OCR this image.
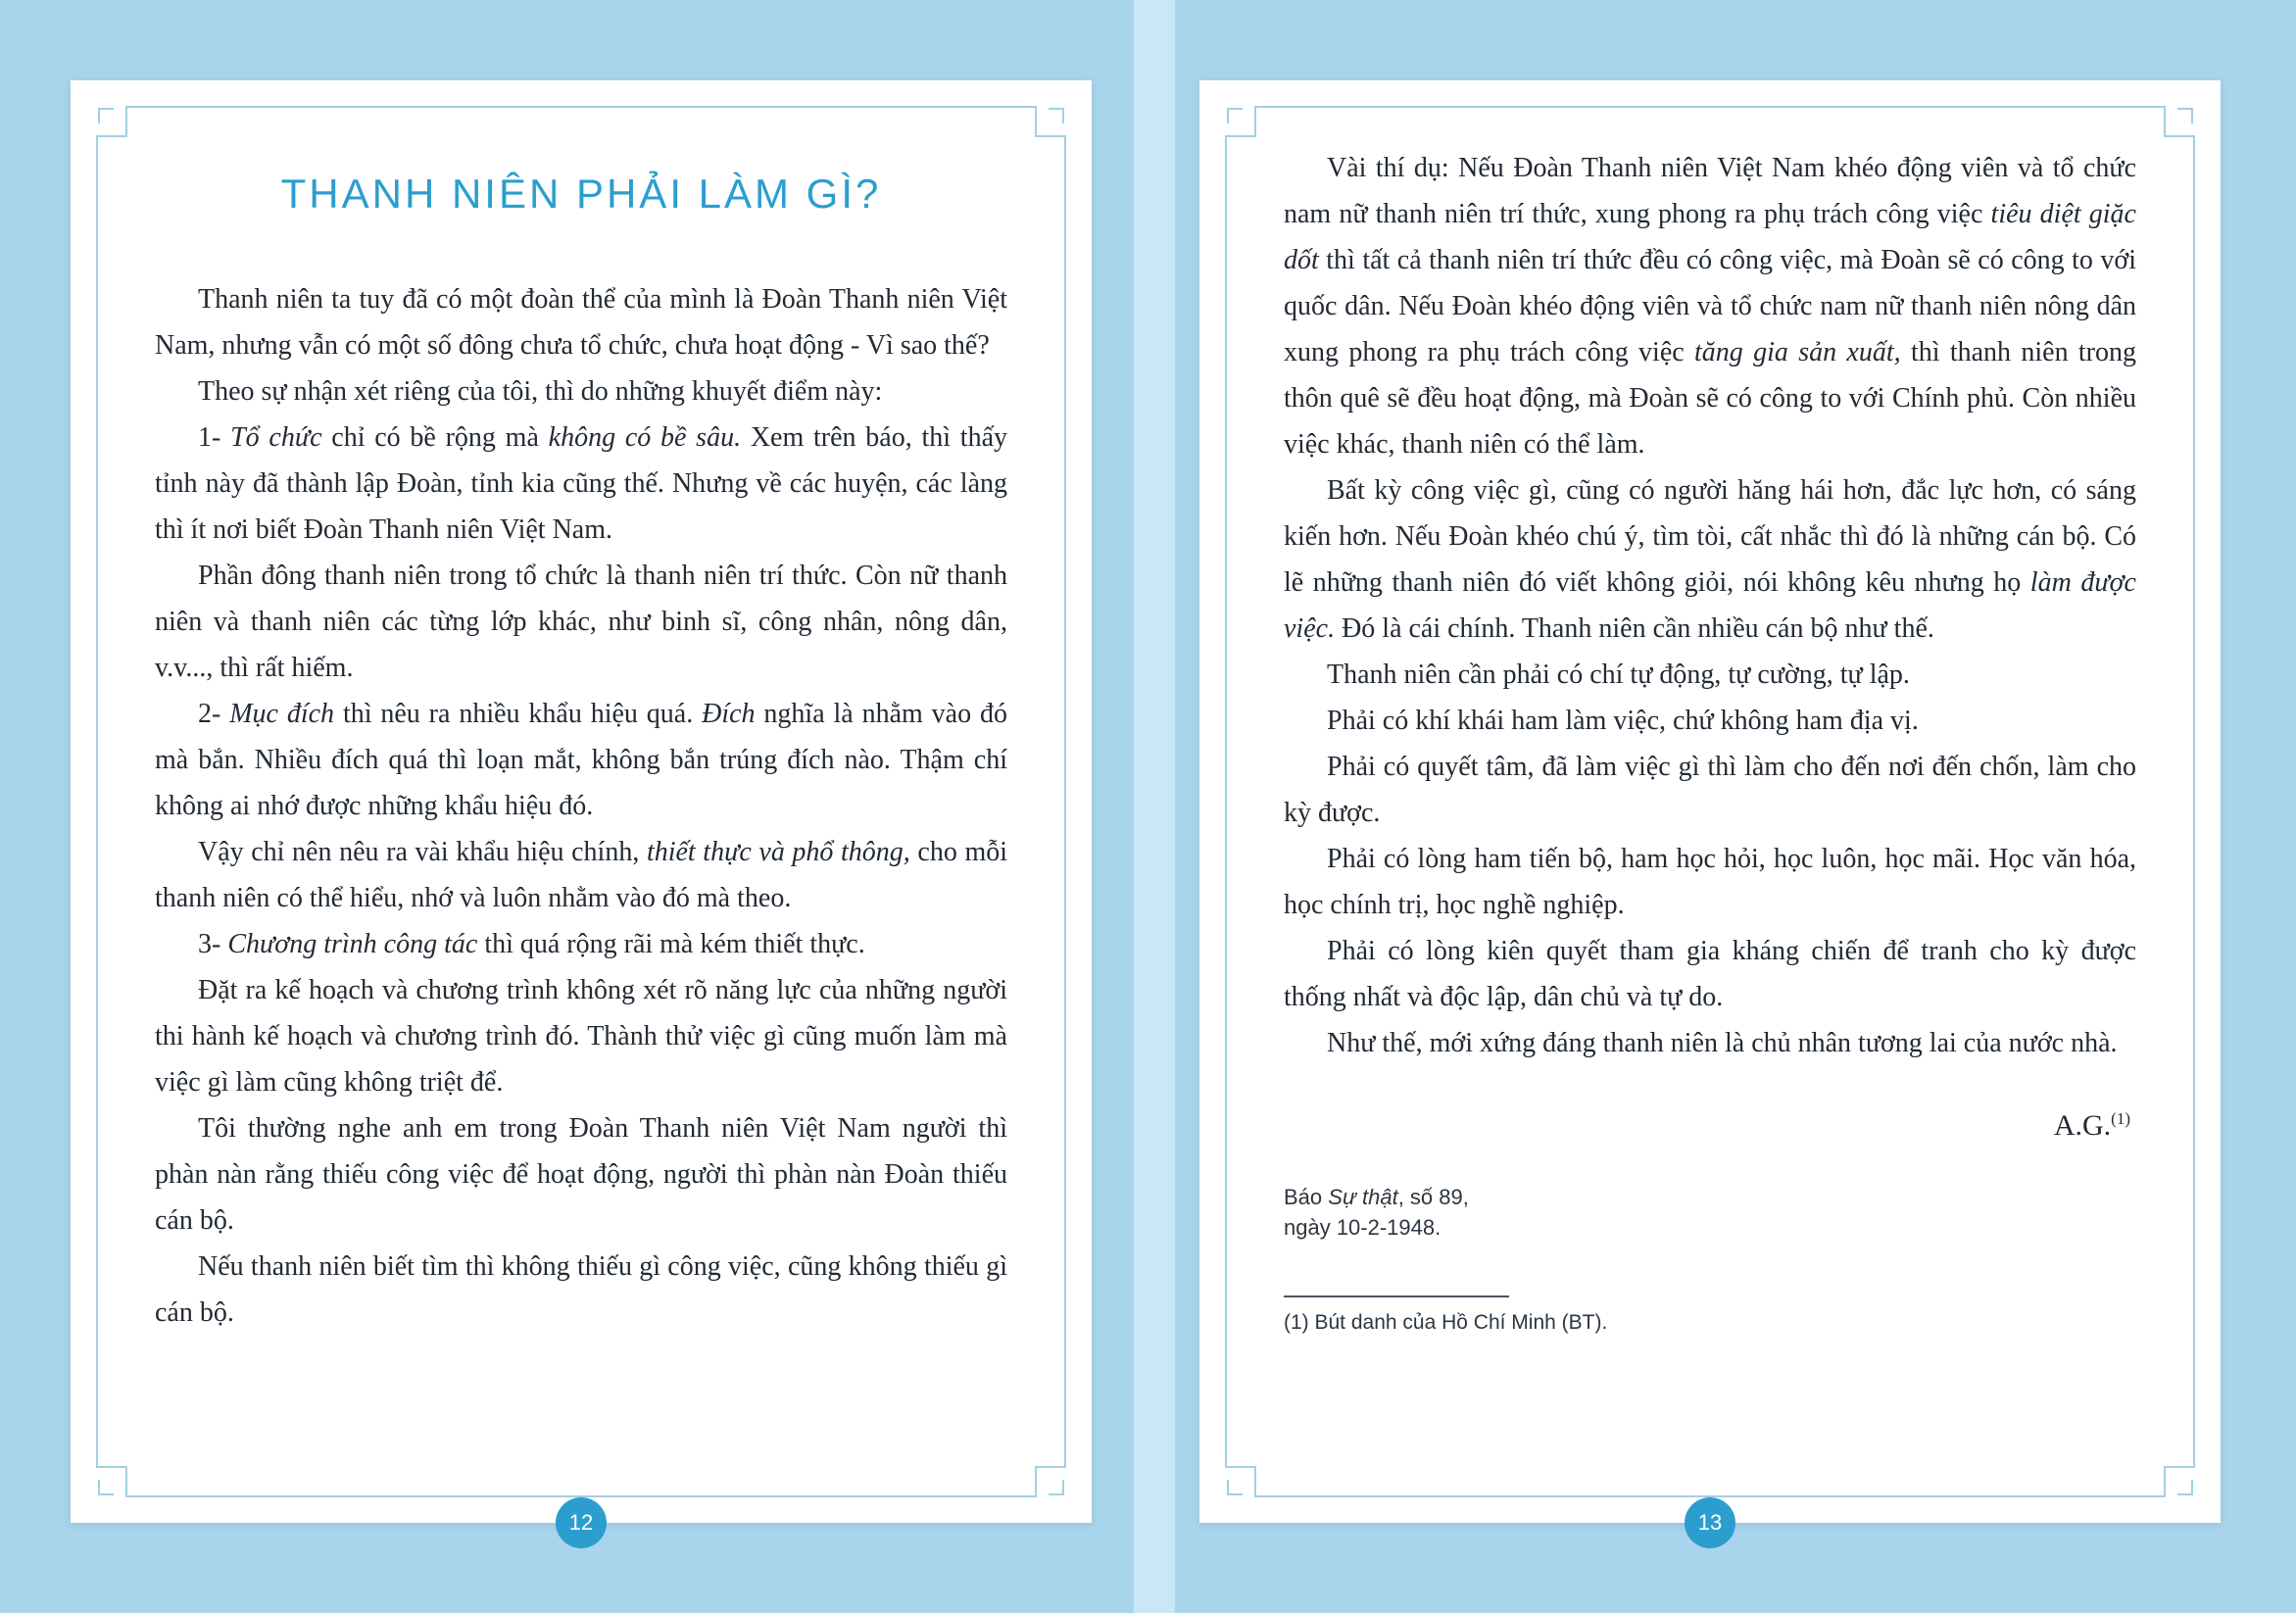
THANH NIÊN PHẢI LÀM GÌ?

Thanh niên ta tuy đã có một đoàn thể của mình là Đoàn Thanh niên Việt Nam, nhưng vẫn có một số đông chưa tổ chức, chưa hoạt động - Vì sao thế?

Theo sự nhận xét riêng của tôi, thì do những khuyết điểm này:

1- Tổ chức chỉ có bề rộng mà không có bề sâu. Xem trên báo, thì thấy tỉnh này đã thành lập Đoàn, tỉnh kia cũng thế. Nhưng về các huyện, các làng thì ít nơi biết Đoàn Thanh niên Việt Nam.

Phần đông thanh niên trong tổ chức là thanh niên trí thức. Còn nữ thanh niên và thanh niên các từng lớp khác, như binh sĩ, công nhân, nông dân, v.v..., thì rất hiếm.

2- Mục đích thì nêu ra nhiều khẩu hiệu quá. Đích nghĩa là nhằm vào đó mà bắn. Nhiều đích quá thì loạn mắt, không bắn trúng đích nào. Thậm chí không ai nhớ được những khẩu hiệu đó.

Vậy chỉ nên nêu ra vài khẩu hiệu chính, thiết thực và phổ thông, cho mỗi thanh niên có thể hiểu, nhớ và luôn nhằm vào đó mà theo.

3- Chương trình công tác thì quá rộng rãi mà kém thiết thực.

Đặt ra kế hoạch và chương trình không xét rõ năng lực của những người thi hành kế hoạch và chương trình đó. Thành thử việc gì cũng muốn làm mà việc gì làm cũng không triệt để.

Tôi thường nghe anh em trong Đoàn Thanh niên Việt Nam người thì phàn nàn rằng thiếu công việc để hoạt động, người thì phàn nàn Đoàn thiếu cán bộ.

Nếu thanh niên biết tìm thì không thiếu gì công việc, cũng không thiếu gì cán bộ.

12

Vài thí dụ: Nếu Đoàn Thanh niên Việt Nam khéo động viên và tổ chức nam nữ thanh niên trí thức, xung phong ra phụ trách công việc tiêu diệt giặc dốt thì tất cả thanh niên trí thức đều có công việc, mà Đoàn sẽ có công to với quốc dân. Nếu Đoàn khéo động viên và tổ chức nam nữ thanh niên nông dân xung phong ra phụ trách công việc tăng gia sản xuất, thì thanh niên trong thôn quê sẽ đều hoạt động, mà Đoàn sẽ có công to với Chính phủ. Còn nhiều việc khác, thanh niên có thể làm.

Bất kỳ công việc gì, cũng có người hăng hái hơn, đắc lực hơn, có sáng kiến hơn. Nếu Đoàn khéo chú ý, tìm tòi, cất nhắc thì đó là những cán bộ. Có lẽ những thanh niên đó viết không giỏi, nói không kêu nhưng họ làm được việc. Đó là cái chính. Thanh niên cần nhiều cán bộ như thế.

Thanh niên cần phải có chí tự động, tự cường, tự lập.

Phải có khí khái ham làm việc, chứ không ham địa vị.

Phải có quyết tâm, đã làm việc gì thì làm cho đến nơi đến chốn, làm cho kỳ được.

Phải có lòng ham tiến bộ, ham học hỏi, học luôn, học mãi. Học văn hóa, học chính trị, học nghề nghiệp.

Phải có lòng kiên quyết tham gia kháng chiến để tranh cho kỳ được thống nhất và độc lập, dân chủ và tự do.

Như thế, mới xứng đáng thanh niên là chủ nhân tương lai của nước nhà.

A.G.$^{(1)}$
Báo Sự thật, số 89,
ngày 10-2-1948.

(1) Bút danh của Hồ Chí Minh (BT).

13
